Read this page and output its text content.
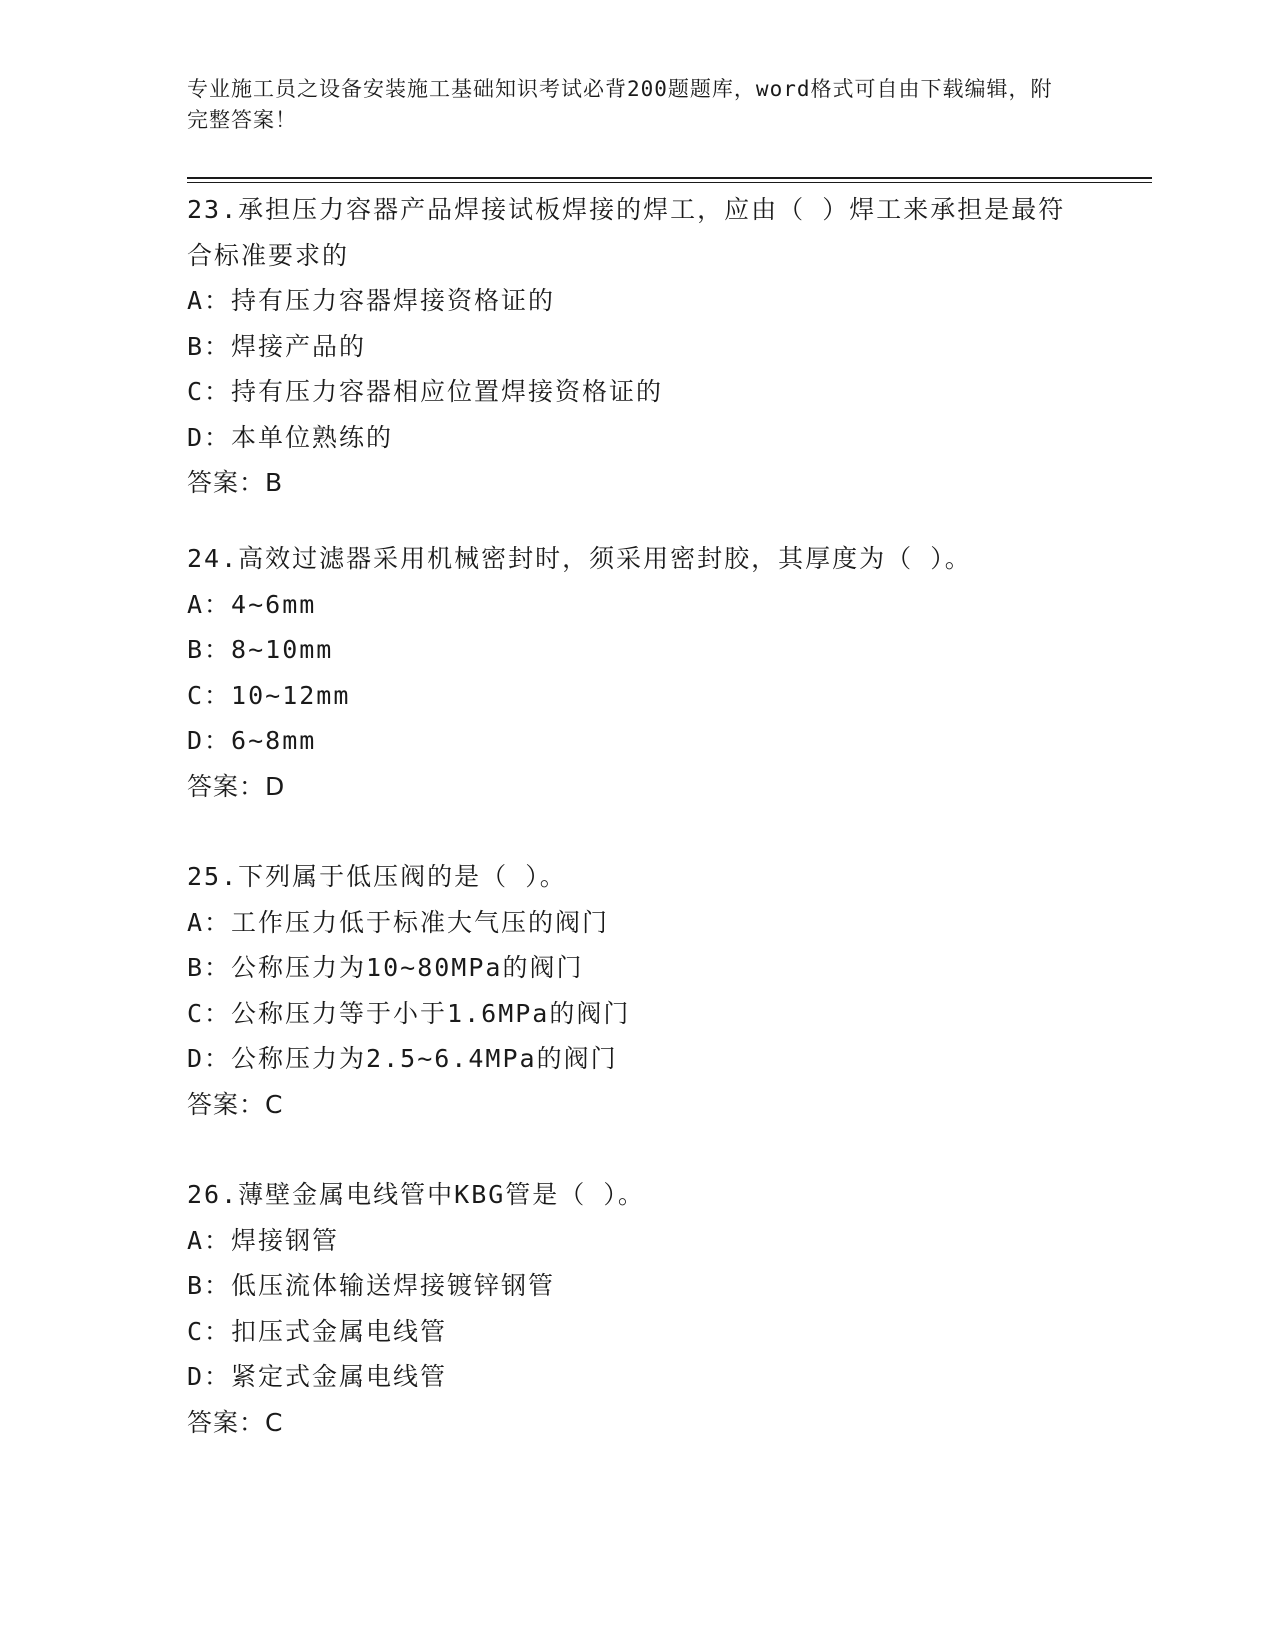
专业施工员之设备安装施工基础知识考试必背200题题库，word格式可自由下载编辑，附完整答案！
23.承担压力容器产品焊接试板焊接的焊工，应由（ ）焊工来承担是最符合标准要求的
A：持有压力容器焊接资格证的
B：焊接产品的
C：持有压力容器相应位置焊接资格证的
D：本单位熟练的
答案：B
24.高效过滤器采用机械密封时，须采用密封胶，其厚度为（ ）。
A：4~6mm
B：8~10mm
C：10~12mm
D：6~8mm
答案：D
25.下列属于低压阀的是（ ）。
A：工作压力低于标准大气压的阀门
B：公称压力为10~80MPa的阀门
C：公称压力等于小于1.6MPa的阀门
D：公称压力为2.5~6.4MPa的阀门
答案：C
26.薄壁金属电线管中KBG管是（ ）。
A：焊接钢管
B：低压流体输送焊接镀锌钢管
C：扣压式金属电线管
D：紧定式金属电线管
答案：C
